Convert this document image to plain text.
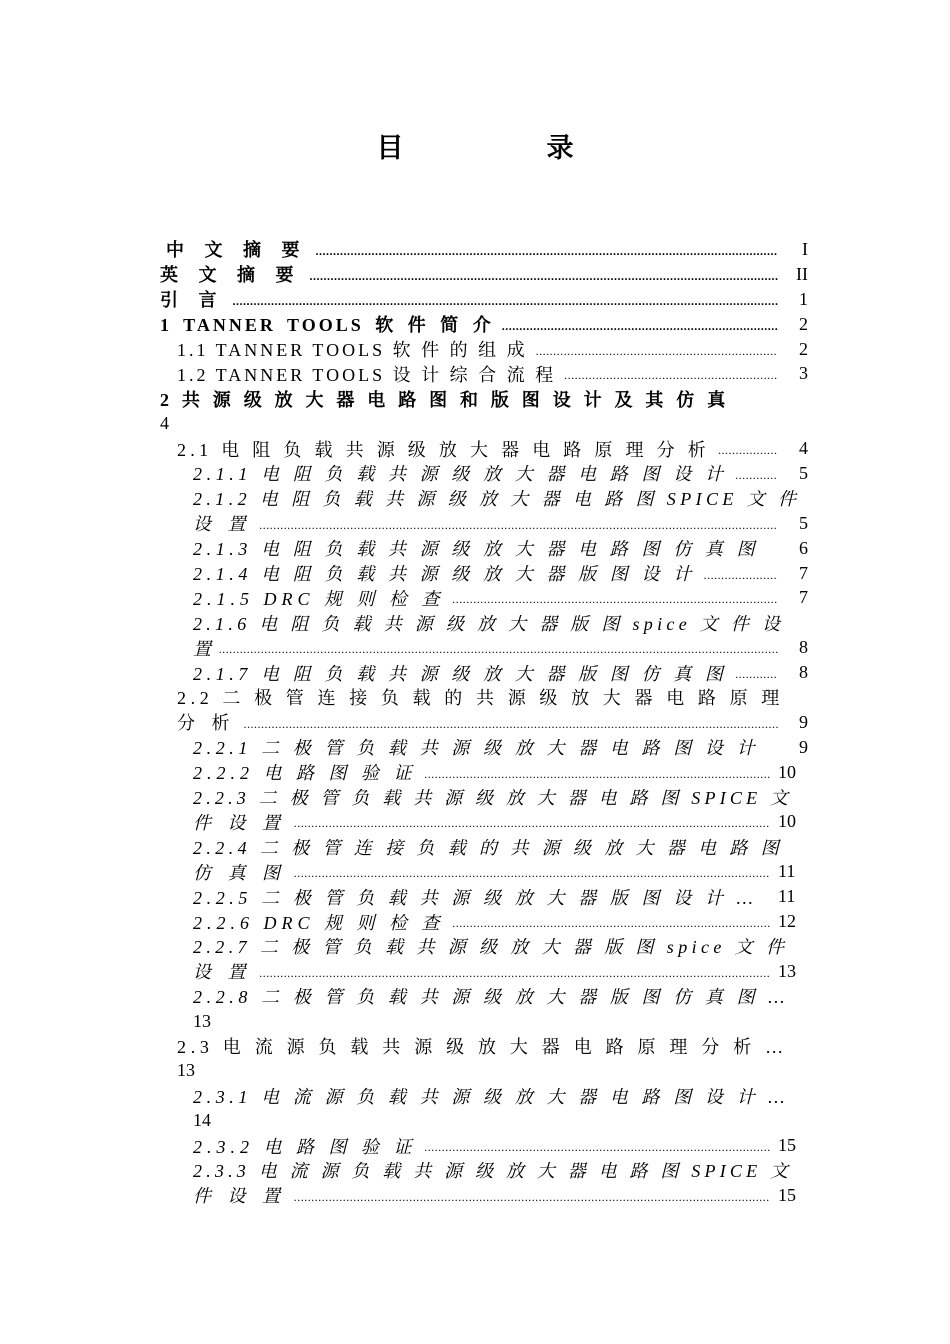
目　录
中 文 摘 要 .....	I
英 文 摘 要 .....	II
引 言 .....	1
1 TANNER TOOLS 软 件 简 介 .....	2
1.1 TANNER TOOLS 软 件 的 组 成 .....	2
1.2 TANNER TOOLS 设 计 综 合 流 程 .....	3
2 共 源 级 放 大 器 电 路 图 和 版 图 设 计 及 其 仿 真
4
2.1 电 阻 负 载 共 源 级 放 大 器 电 路 原 理 分 析 .....	4
2.1.1 电 阻 负 载 共 源 级 放 大 器 电 路 图 设 计 .....	5
2.1.2 电 阻 负 载 共 源 级 放 大 器 电 路 图 SPICE 文 件
设 置 .....	5
2.1.3 电 阻 负 载 共 源 级 放 大 器 电 路 图 仿 真 图	6
2.1.4 电 阻 负 载 共 源 级 放 大 器 版 图 设 计 .....	7
2.1.5 DRC 规 则 检 查 .....	7
2.1.6 电 阻 负 载 共 源 级 放 大 器 版 图 spice 文 件 设
置 .....	8
2.1.7 电 阻 负 载 共 源 级 放 大 器 版 图 仿 真 图 .....	8
2.2 二 极 管 连 接 负 载 的 共 源 级 放 大 器 电 路 原 理
分 析 .....	9
2.2.1 二 极 管 负 载 共 源 级 放 大 器 电 路 图 设 计	9
2.2.2 电 路 图 验 证 .....	10
2.2.3 二 极 管 负 载 共 源 级 放 大 器 电 路 图 SPICE 文
件 设 置 .....	10
2.2.4 二 极 管 连 接 负 载 的 共 源 级 放 大 器 电 路 图
仿 真 图 .....	11
2.2.5 二 极 管 负 载 共 源 级 放 大 器 版 图 设 计 … 11
2.2.6 DRC 规 则 检 查 .....	12
2.2.7 二 极 管 负 载 共 源 级 放 大 器 版 图 spice 文 件
设 置 .....	13
2.2.8 二 极 管 负 载 共 源 级 放 大 器 版 图 仿 真 图 …
13
2.3 电 流 源 负 载 共 源 级 放 大 器 电 路 原 理 分 析 …
13
2.3.1 电 流 源 负 载 共 源 级 放 大 器 电 路 图 设 计 …
14
2.3.2 电 路 图 验 证 .....	15
2.3.3 电 流 源 负 载 共 源 级 放 大 器 电 路 图 SPICE 文
件 设 置 .....	15
